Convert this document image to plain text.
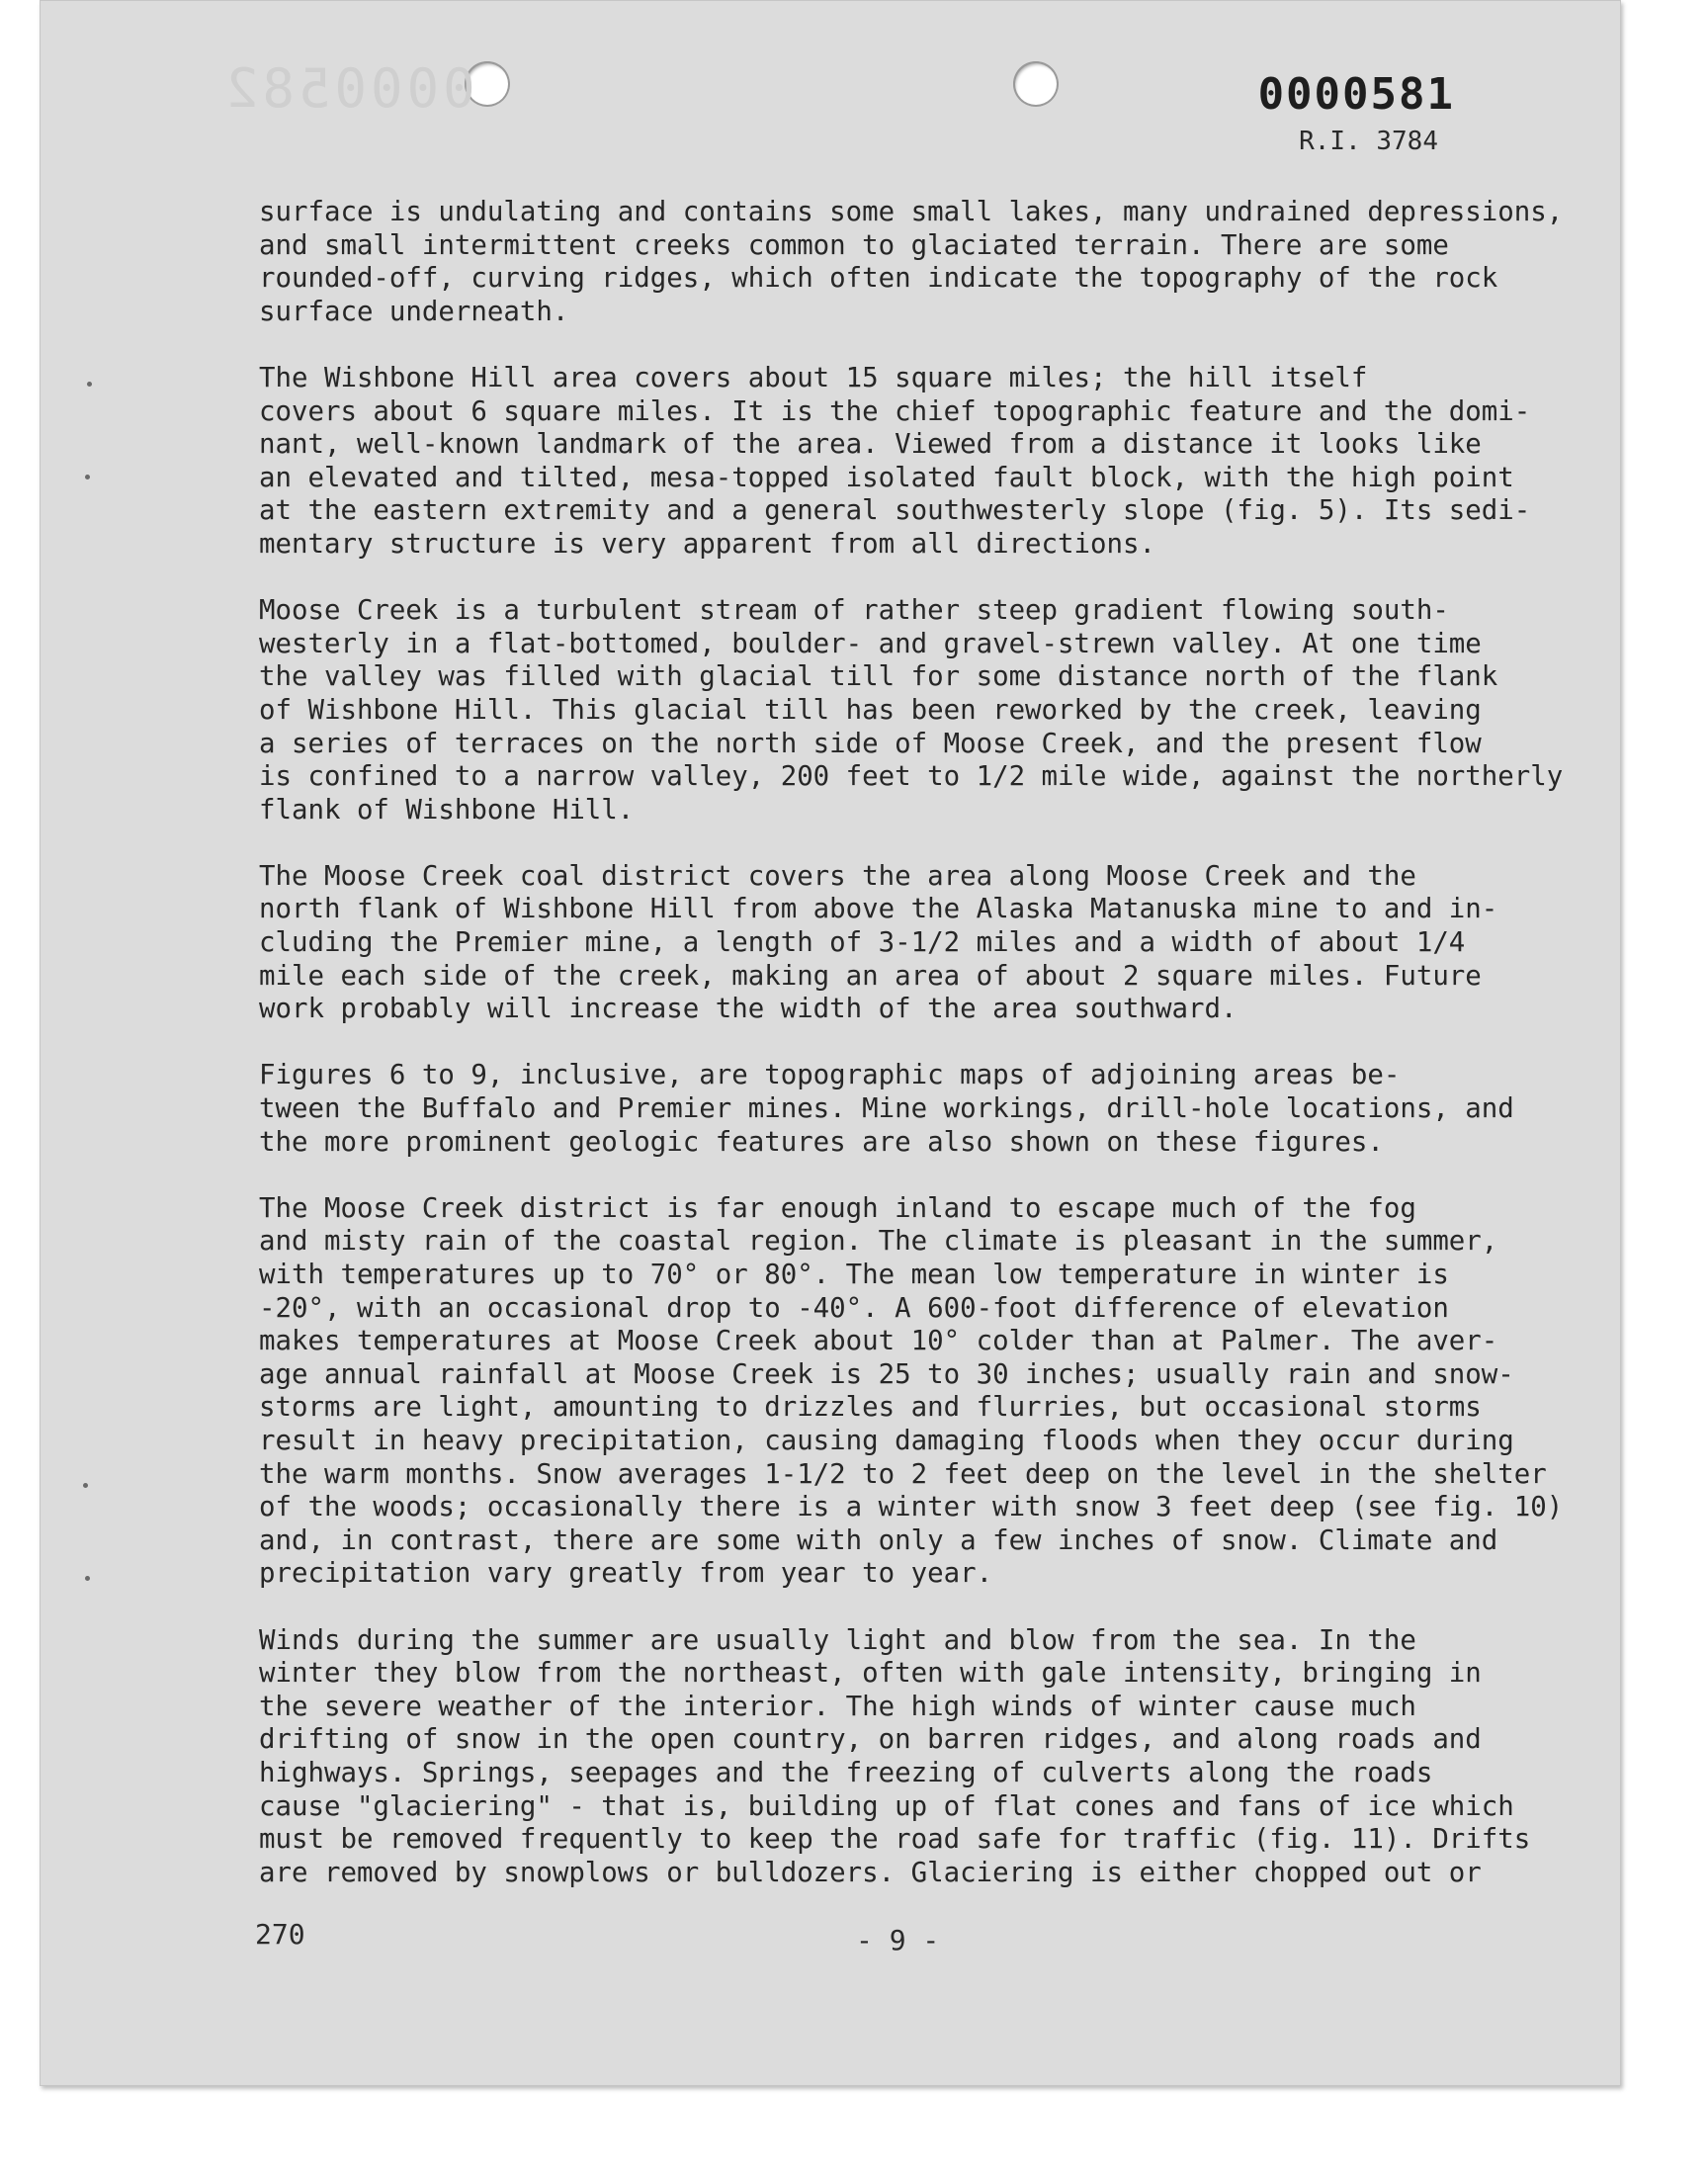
0000582	0000581
R.I. 3784

surface is undulating and contains some small lakes, many undrained depressions,
and small intermittent creeks common to glaciated terrain. There are some
rounded-off, curving ridges, which often indicate the topography of the rock
surface underneath.

The Wishbone Hill area covers about 15 square miles; the hill itself
covers about 6 square miles. It is the chief topographic feature and the domi-
nant, well-known landmark of the area. Viewed from a distance it looks like
an elevated and tilted, mesa-topped isolated fault block, with the high point
at the eastern extremity and a general southwesterly slope (fig. 5). Its sedi-
mentary structure is very apparent from all directions.

Moose Creek is a turbulent stream of rather steep gradient flowing south-
westerly in a flat-bottomed, boulder- and gravel-strewn valley. At one time
the valley was filled with glacial till for some distance north of the flank
of Wishbone Hill. This glacial till has been reworked by the creek, leaving
a series of terraces on the north side of Moose Creek, and the present flow
is confined to a narrow valley, 200 feet to 1/2 mile wide, against the northerly
flank of Wishbone Hill.

The Moose Creek coal district covers the area along Moose Creek and the
north flank of Wishbone Hill from above the Alaska Matanuska mine to and in-
cluding the Premier mine, a length of 3-1/2 miles and a width of about 1/4
mile each side of the creek, making an area of about 2 square miles. Future
work probably will increase the width of the area southward.

Figures 6 to 9, inclusive, are topographic maps of adjoining areas be-
tween the Buffalo and Premier mines. Mine workings, drill-hole locations, and
the more prominent geologic features are also shown on these figures.

The Moose Creek district is far enough inland to escape much of the fog
and misty rain of the coastal region. The climate is pleasant in the summer,
with temperatures up to 70° or 80°. The mean low temperature in winter is
-20°, with an occasional drop to -40°. A 600-foot difference of elevation
makes temperatures at Moose Creek about 10° colder than at Palmer. The aver-
age annual rainfall at Moose Creek is 25 to 30 inches; usually rain and snow-
storms are light, amounting to drizzles and flurries, but occasional storms
result in heavy precipitation, causing damaging floods when they occur during
the warm months. Snow averages 1-1/2 to 2 feet deep on the level in the shelter
of the woods; occasionally there is a winter with snow 3 feet deep (see fig. 10)
and, in contrast, there are some with only a few inches of snow. Climate and
precipitation vary greatly from year to year.

Winds during the summer are usually light and blow from the sea. In the
winter they blow from the northeast, often with gale intensity, bringing in
the severe weather of the interior. The high winds of winter cause much
drifting of snow in the open country, on barren ridges, and along roads and
highways. Springs, seepages and the freezing of culverts along the roads
cause "glaciering" - that is, building up of flat cones and fans of ice which
must be removed frequently to keep the road safe for traffic (fig. 11). Drifts
are removed by snowplows or bulldozers. Glaciering is either chopped out or

270	- 9 -
